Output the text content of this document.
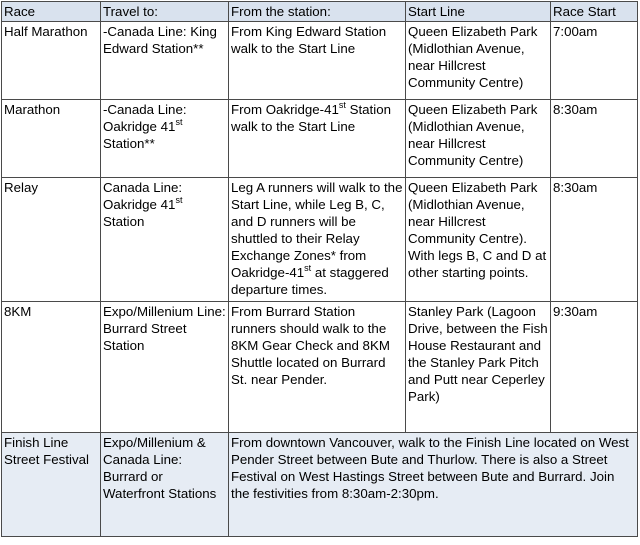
Race	Travel to:	From the station:	Start Line	Race Start
Half Marathon	-Canada Line: King Edward Station**	From King Edward Station walk to the Start Line	Queen Elizabeth Park (Midlothian Avenue, near Hillcrest Community Centre)	7:00am
Marathon	-Canada Line: Oakridge 41st Station**	From Oakridge-41st Station walk to the Start Line	Queen Elizabeth Park (Midlothian Avenue, near Hillcrest Community Centre)	8:30am
Relay	Canada Line: Oakridge 41st Station	Leg A runners will walk to the Start Line, while Leg B, C, and D runners will be shuttled to their Relay Exchange Zones* from Oakridge-41st at staggered departure times.	Queen Elizabeth Park (Midlothian Avenue, near Hillcrest Community Centre). With legs B, C and D at other starting points.	8:30am
8KM	Expo/Millenium Line: Burrard Street Station	From Burrard Station runners should walk to the 8KM Gear Check and 8KM Shuttle located on Burrard St. near Pender.	Stanley Park (Lagoon Drive, between the Fish House Restaurant and the Stanley Park Pitch and Putt near Ceperley Park)	9:30am
Finish Line Street Festival	Expo/Millenium & Canada Line: Burrard or Waterfront Stations	From downtown Vancouver, walk to the Finish Line located on West Pender Street between Bute and Thurlow. There is also a Street Festival on West Hastings Street between Bute and Burrard. Join the festivities from 8:30am-2:30pm.		
